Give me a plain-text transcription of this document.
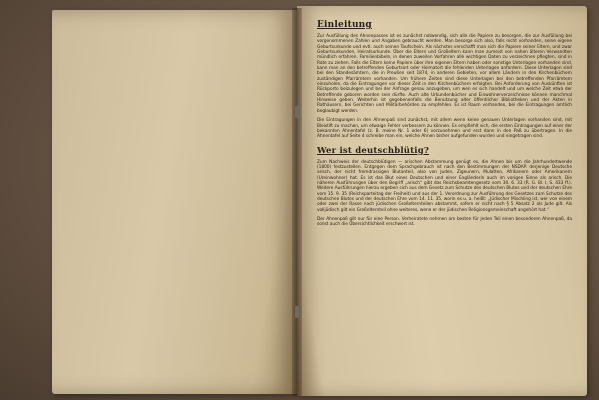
Einleitung

Zur Ausfüllung des Ahnenpasses ist es zunächst notwendig, sich alle die Papiere zu besorgen, die zur Ausfüllung bei vorgenommenen Zahlen und Angaben gebraucht werden. Man besorge sich also, falls nicht vorhanden, seine eigene Geburtsurkunde und evtl. auch seinen Taufschein. Als nächstes verschafft man sich die Papiere seiner Eltern, und zwar Geburtsurkunden, Heiratsurkunde. Über die Eltern und Großeltern kann man zumeist von nahen älteren Verwandten mündlich erfahren. Familienbibeln, in denen zuweilen Vorfahren alle wichtigen Daten zu verzeichnen pflegten, sind in Rate zu ziehen. Falls die Eltern keine Papiere über ihre eigenen Eltern haben oder sonstige Unterlagen vorhanden sind, kann man an den betreffenden Geburtsort oder Heimatort die fehlenden Unterlagen anfordern. Diese Unterlagen sind bei den Standesämtern, die in Preußen seit 1874, in anderen Gebieten, vor allem Ländern in den Kirchenbüchern zuständigen Pfarrämtern vorhanden. Um frühere Zeiten sind diese Unterlagen bei den betreffenden Pfarrämtern einzuholen, da die Eintragungen vor dieser Zeit in den Kirchenbüchern erfolgten. Bei Anforderung von Auskünften ist Rückporto beizulegen und bei der Anfrage genau anzugeben, um wen es sich handelt und um welche Zeit etwa der Betreffende geboren worden sein dürfte. Auch alte Urkundenbücher und Einwohnerverzeichnisse können manchmal Hinweise geben. Weiterhin ist gegebenenfalls die Benutzung alter öffentlicher Bibliotheken und der Akten in Rathäusern, bei Gerichten und Militärbehörden zu empfehlen. Es ist Raum vorhanden, bei die Eintragungen amtlich beglaubigt werden.

Die Eintragungen in den Ahnenpaß sind zunächst, mit allem wenn keine genauen Unterlagen vorhanden sind, mit Bleistift zu machen, um etwaige Fehler verbessern zu können. Es empfiehlt sich, die ersten Eintragungen auf einer der bekannten Ahnentafel (z. B. meine Nr. 1 oder 6) vorzunehmen und erst dann in den Paß zu übertragen. In die Ahnentafel auf Seite 4 schreibe man ein, welche Ahnen bisher aufgefunden wurden und eingetragen sind.

Wer ist deutschblütig?

Zum Nachweis der deutschblütigen — arischen Abstammung genügt es, die Ahnen bis um die Jahrhundertwende (1800) festzustellen. Entgegen dem Sprachgebrauch ist nach den Bestimmungen der NSDAP. derjenige Deutsche arisch, der nicht fremdrassigen Blutanteil, also von Juden, Zigeunern, Mulatten, Afrikanern oder Amerikanern (Ureinwohner) hat. Es ist das Blut eines Deutschen und einer Engländerin auch im vorigen Sinne als arisch. Die näheren Ausführungen über den Begriff „arisch“ gibt das Reichsbeamtengesetz vom 30. 6. 33 (R. G. Bl. I, S. 433 ff.). Weitere Ausführungen hierzu ergeben sich aus dem Gesetz zum Schutze des deutschen Blutes und der deutschen Ehre vom 15. 9. 35 (Reichsparteitag der Freiheit) und aus der 1. Verordnung zur Ausführung des Gesetzes zum Schutze des deutschen Blutes und der deutschen Ehre vom 14. 11. 35, worin es u. a. heißt: „Jüdischer Mischling ist, wer von einem oder zwei der Rasse nach jüdischen Großelternteilen abstammt, sofern er nicht nach § 5 Absatz 2 als Jude gilt. Als volljüdisch gilt ein Großelternteil ohne weiteres, wenn er der jüdischen Religionsgemeinschaft angehört hat.“

Der Ahnenpaß gilt nur für eine Person. Verheiratete nehmen am besten für jeden Teil einen besonderen Ahnenpaß, da sonst auch die Übersichtlichkeit erschwert ist.
